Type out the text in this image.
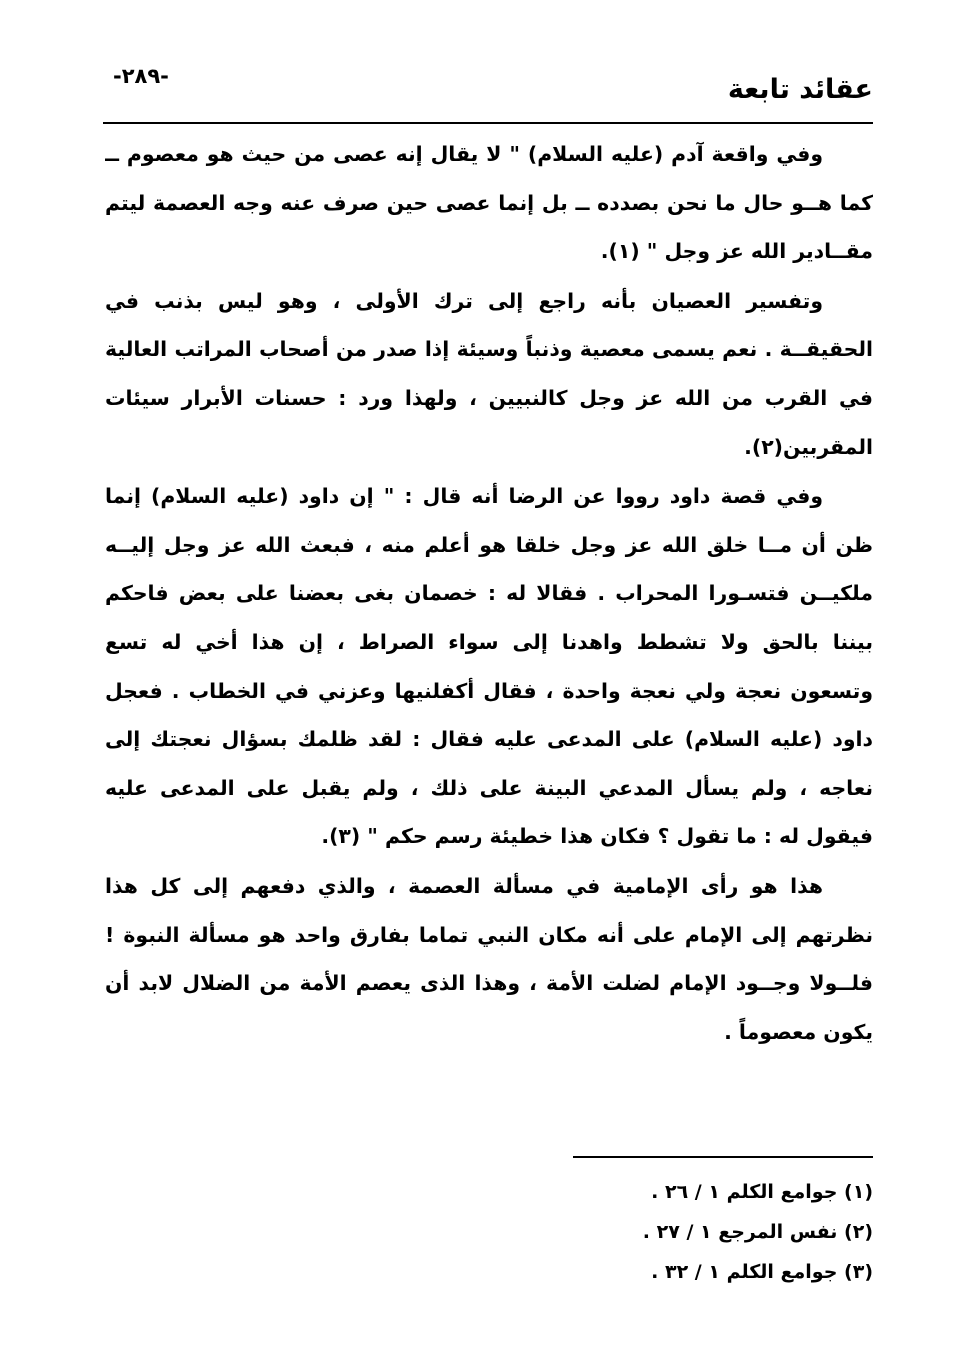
عقائد تابعة
-٢٨٩-

وفي واقعة آدم (عليه السلام) " لا يقال إنه عصى من حيث هو معصوم ــ كما هــو حال ما نحن بصدده ــ بل إنما عصى حين صرف عنه وجه العصمة ليتم مقــادير الله عز وجل " (١).

وتفسير العصيان بأنه راجع إلى ترك الأولى ، وهو ليس بذنب في الحقيقــة . نعم يسمى معصية وذنباً وسيئة إذا صدر من أصحاب المراتب العالية في القرب من الله عز وجل كالنبيين ، ولهذا ورد : حسنات الأبرار سيئات المقربين(٢).

وفي قصة داود رووا عن الرضا أنه قال : " إن داود (عليه السلام) إنما ظن أن مــا خلق الله عز وجل خلقا هو أعلم منه ، فبعث الله عز وجل إليــه ملكيــن فتسـورا المحراب . فقالا له : خصمان بغى بعضنا على بعض فاحكم بيننا بالحق ولا تشطط واهدنا إلى سواء الصراط ، إن هذا أخي له تسع وتسعون نعجة ولي نعجة واحدة ، فقال أكفلنيها وعزني في الخطاب . فعجل داود (عليه السلام) على المدعى عليه فقال : لقد ظلمك بسؤال نعجتك إلى نعاجه ، ولم يسأل المدعي البينة على ذلك ، ولم يقبل على المدعى عليه فيقول له : ما تقول ؟ فكان هذا خطيئة رسم حكم " (٣).

هذا هو رأى الإمامية في مسألة العصمة ، والذي دفعهم إلى كل هذا نظرتهم إلى الإمام على أنه مكان النبي تماما بفارق واحد هو مسألة النبوة ! فلــولا وجــود الإمام لضلت الأمة ، وهذا الذى يعصم الأمة من الضلال لابد أن يكون معصوماً .

(١) جوامع الكلم ١ / ٢٦ .
(٢) نفس المرجع ١ / ٢٧ .
(٣) جوامع الكلم ١ / ٣٢ .
